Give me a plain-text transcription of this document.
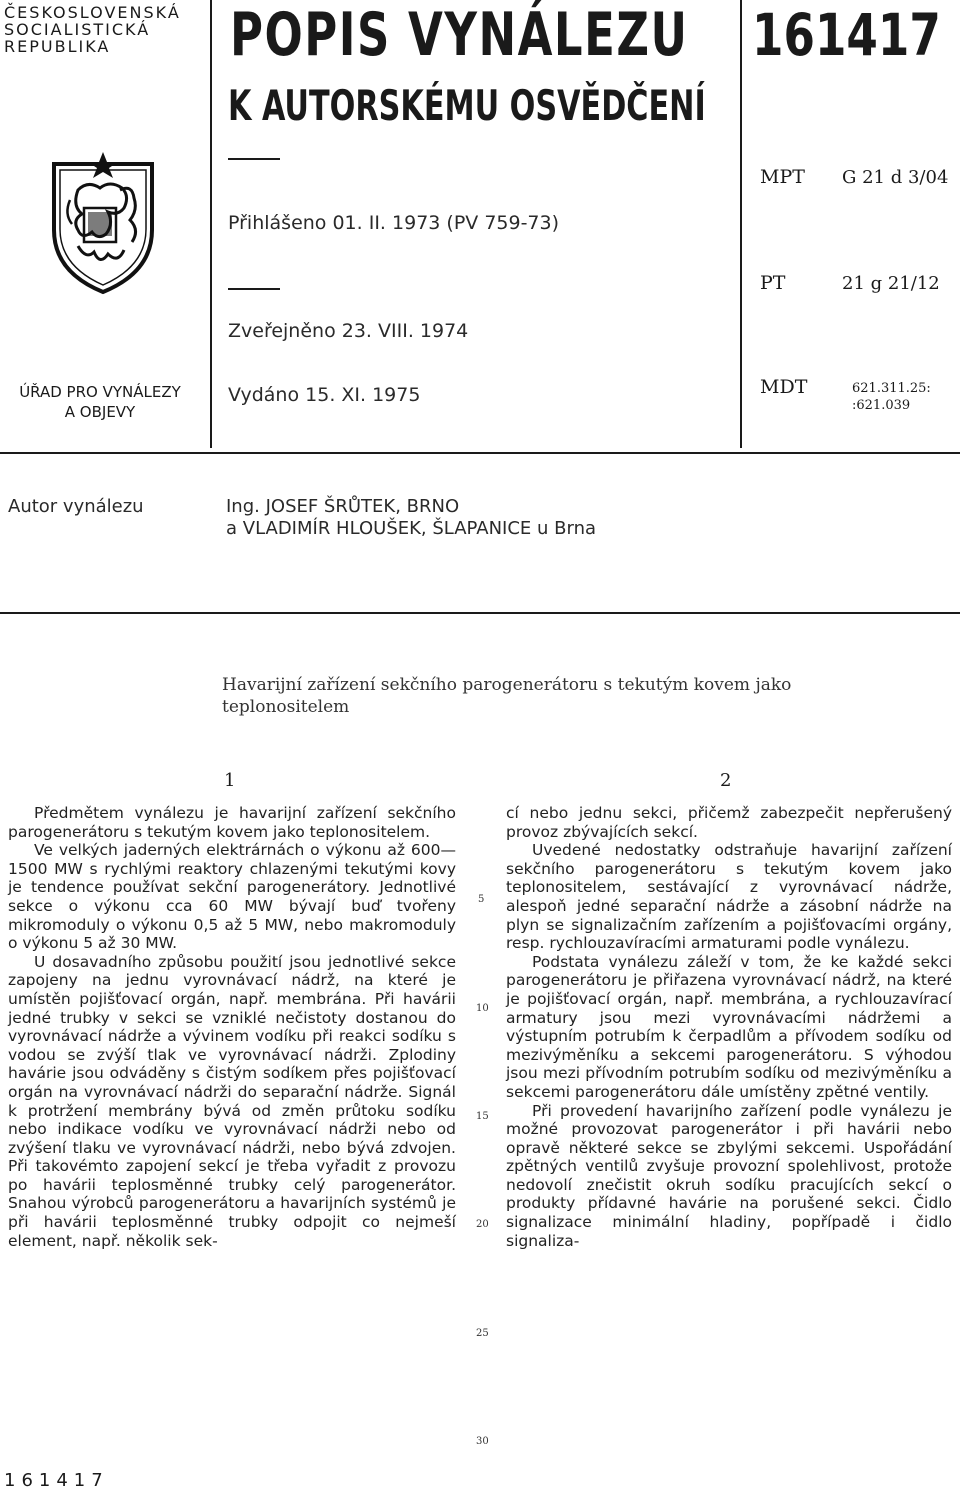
ČESKOSLOVENSKÁ
SOCIALISTICKÁ
REPUBLIKA	POPIS VYNÁLEZU
K AUTORSKÉMU OSVĚDČENÍ
161417
Přihlášeno 01. II. 1973 (PV 759-73)
Zveřejněno 23. VIII. 1974
Vydáno 15. XI. 1975
MPT G 21 d 3/04
PT	21 g 21/12
MDT	621.311.25:
:621.039
ÚŘAD PRO VYNÁLEZY
A OBJEVY
Autor vynálezu	Ing. JOSEF ŠRŮTEK, BRNO
a VLADIMÍR HLOUŠEK, ŠLAPANICE u Brna
Havarijní zařízení sekčního parogenerátoru s tekutým kovem jako teplonositelem
1	2

Předmětem vynálezu je havarijní zařízení sekčního parogenerátoru s tekutým kovem jako teplonositelem.

Ve velkých jaderných elektrárnách o výkonu až 600—1500 MW s rychlými reaktory chlazenými tekutými kovy je tendence používat sekční parogenerátory. Jednotlivé sekce o výkonu cca 60 MW bývají buď tvořeny mikromoduly o výkonu 0,5 až 5 MW, nebo makromoduly o výkonu 5 až 30 MW.

U dosavadního způsobu použití jsou jednotlivé sekce zapojeny na jednu vyrovnávací nádrž, na které je umístěn pojišťovací orgán, např. membrána. Při havárii jedné trubky v sekci se vzniklé nečistoty dostanou do vyrovnávací nádrže a vývinem vodíku při reakci sodíku s vodou se zvýší tlak ve vyrovnávací nádrži. Zplodiny havárie jsou odváděny s čistým sodíkem přes pojišťovací orgán na vyrovnávací nádrži do separační nádrže. Signál k protržení membrány bývá od změn průtoku sodíku nebo indikace vodíku ve vyrovnávací nádrži nebo od zvýšení tlaku ve vyrovnávací nádrži, nebo bývá zdvojen. Při takovémto zapojení sekcí je třeba vyřadit z provozu po havárii teplosměnné trubky celý parogenerátor. Snahou výrobců parogenerátoru a havarijních systémů je při havárii teplosměnné trubky odpojit co nejmeší element, např. několik sek-

5
10
15
20
25
30

cí nebo jednu sekci, přičemž zabezpečit nepřerušený provoz zbývajících sekcí.

Uvedené nedostatky odstraňuje havarijní zařízení sekčního parogenerátoru s tekutým kovem jako teplonositelem, sestávající z vyrovnávací nádrže, alespoň jedné separační nádrže a zásobní nádrže na plyn se signalizačním zařízením a pojišťovacími orgány, resp. rychlouzavíracími armaturami podle vynálezu.

Podstata vynálezu záleží v tom, že ke každé sekci parogenerátoru je přiřazena vyrovnávací nádrž, na které je pojišťovací orgán, např. membrána, a rychlouzavírací armatury jsou mezi vyrovnávacími nádržemi a výstupním potrubím k čerpadlům a přívodem sodíku od mezivýměníku a sekcemi parogenerátoru. S výhodou jsou mezi přívodním potrubím sodíku od mezivýměníku a sekcemi parogenerátoru dále umístěny zpětné ventily.

Při provedení havarijního zařízení podle vynálezu je možné provozovat parogenerátor i při havárii nebo opravě některé sekce se zbylými sekcemi. Uspořádání zpětných ventilů zvyšuje provozní spolehlivost, protože nedovolí znečistit okruh sodíku pracujících sekcí o produkty přídavné havárie na porušené sekci. Čidlo signalizace minimální hladiny, popřípadě i čidlo signaliza-

161417
